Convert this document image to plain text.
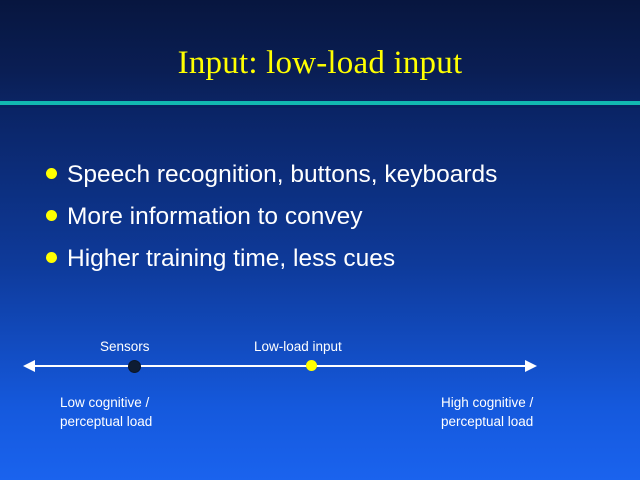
Input: low-load input
Speech recognition, buttons, keyboards
More information to convey
Higher training time, less cues
Sensors	Low-load input
Low cognitive /
perceptual load
High cognitive /
perceptual load
